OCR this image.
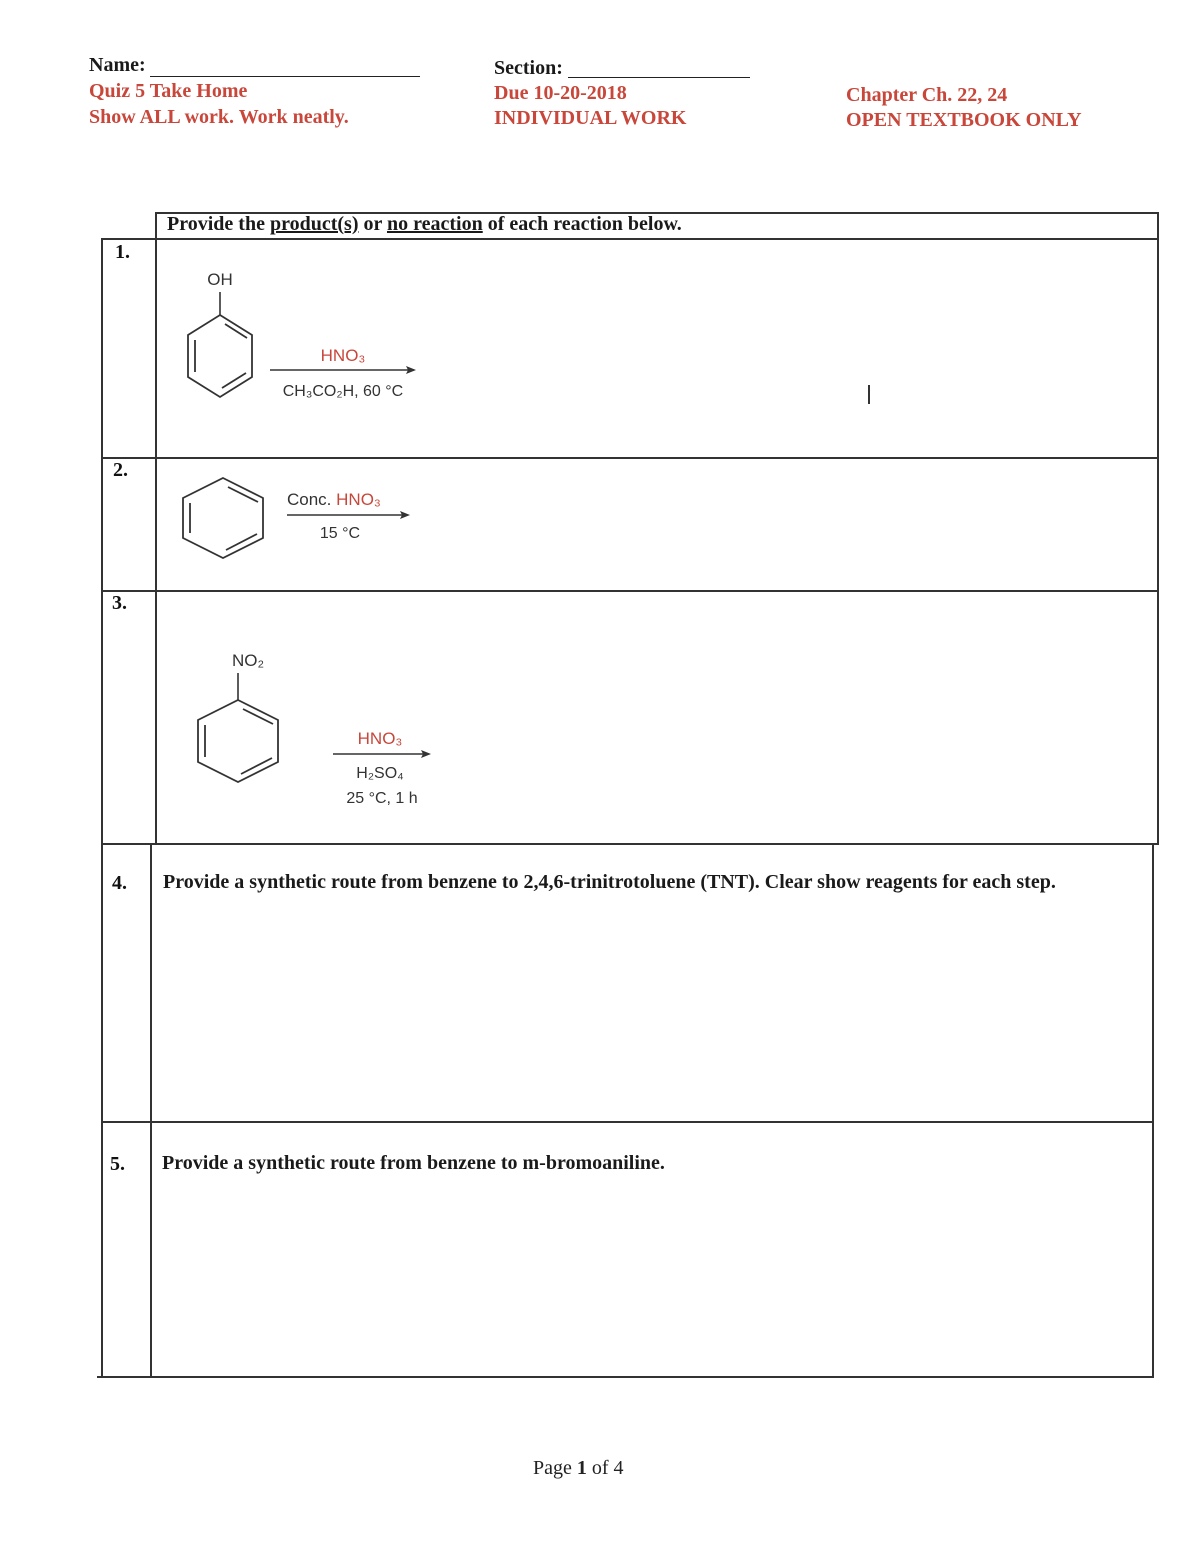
Name:
Quiz 5 Take Home
Show ALL work. Work neatly.
Section:
Due 10-20-2018
INDIVIDUAL WORK
Chapter Ch. 22, 24
OPEN TEXTBOOK ONLY
Provide the product(s) or no reaction of each reaction below.
1.
2.
3.
4.
5.
OH
HNO₃
CH₃CO₂H, 60 °C
Conc. HNO₃
15 °C
NO₂
HNO₃
H₂SO₄
25 °C, 1 h
Provide a synthetic route from benzene to 2,4,6-trinitrotoluene (TNT). Clear show reagents for each step.
Provide a synthetic route from benzene to m-bromoaniline.
Page 1 of 4
